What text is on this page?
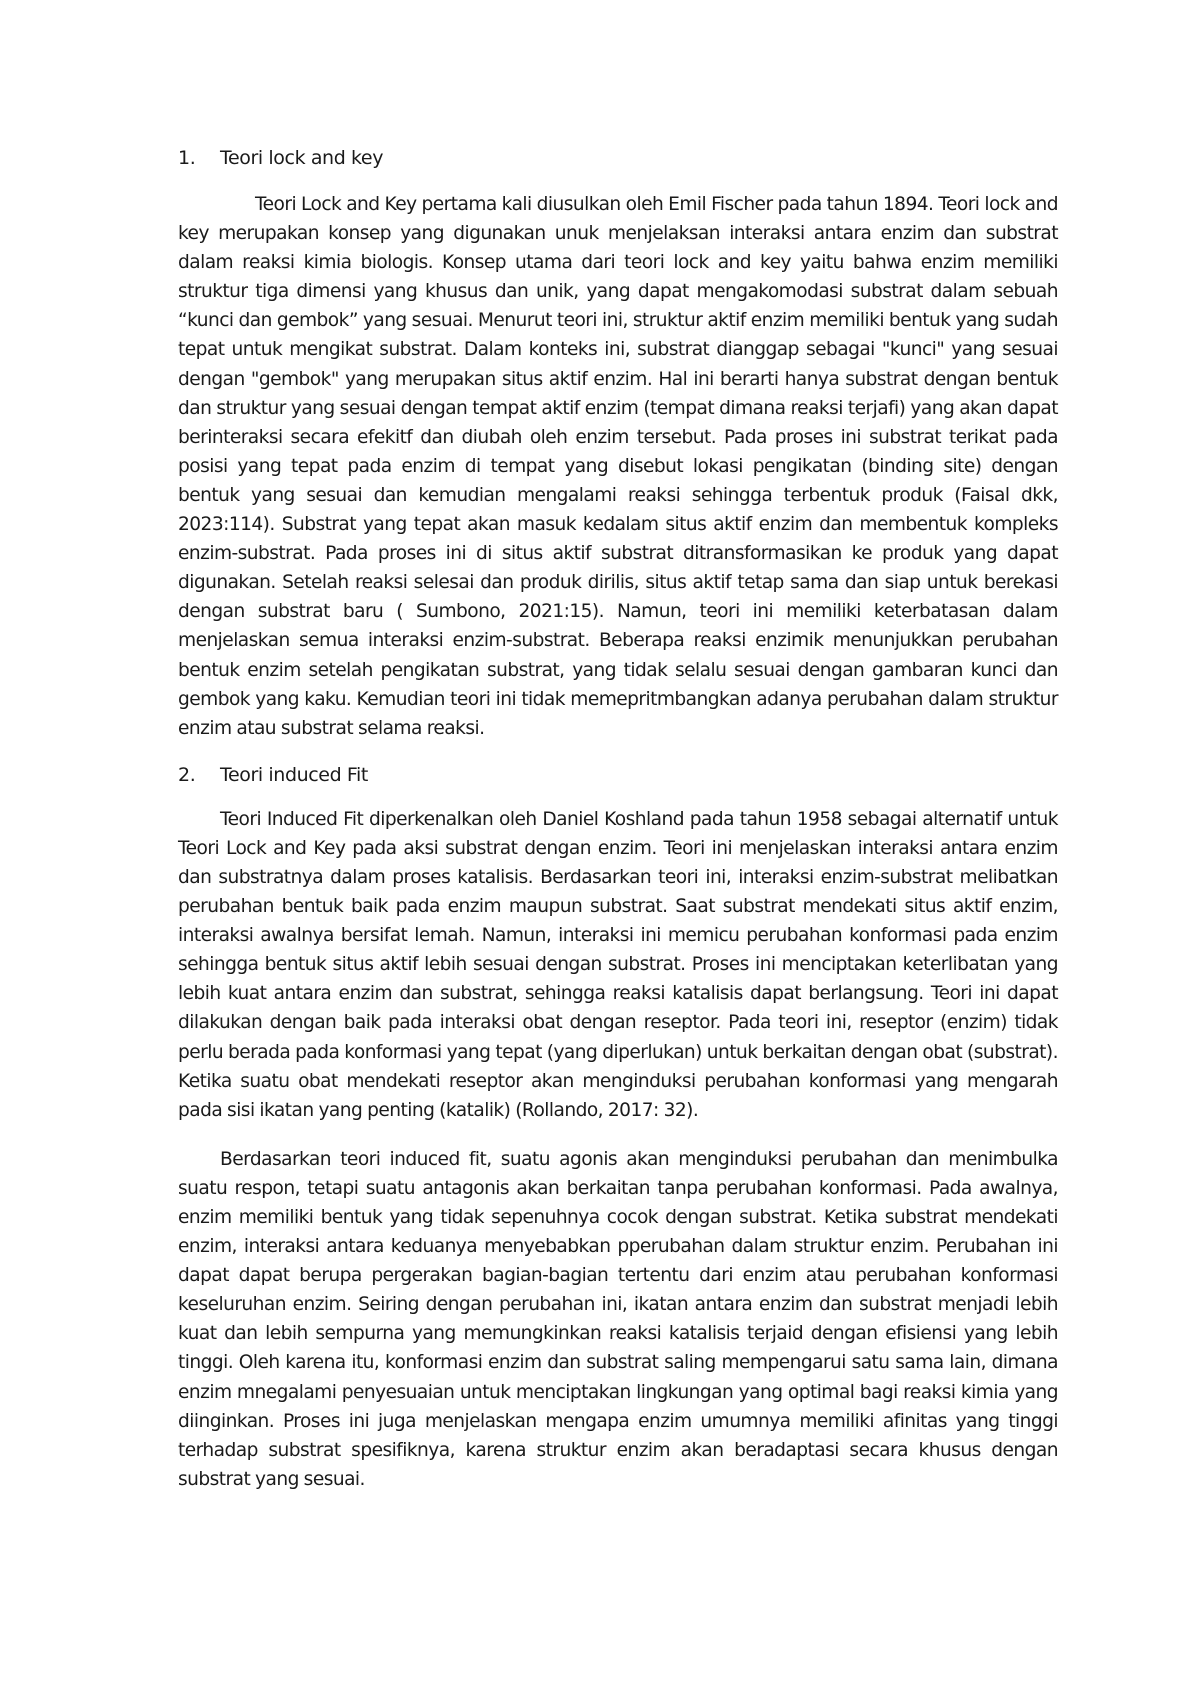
1.	Teori lock and key

Teori Lock and Key pertama kali diusulkan oleh Emil Fischer pada tahun 1894. Teori lock and key merupakan konsep yang digunakan unuk menjelaksan interaksi antara enzim dan substrat dalam reaksi kimia biologis. Konsep utama dari teori lock and key yaitu bahwa enzim memiliki struktur tiga dimensi yang khusus dan unik, yang dapat mengakomodasi substrat dalam sebuah “kunci dan gembok” yang sesuai. Menurut teori ini, struktur aktif enzim memiliki bentuk yang sudah tepat untuk mengikat substrat. Dalam konteks ini, substrat dianggap sebagai "kunci" yang sesuai dengan "gembok" yang merupakan situs aktif enzim. Hal ini berarti hanya substrat dengan bentuk dan struktur yang sesuai dengan tempat aktif enzim (tempat dimana reaksi terjafi) yang akan dapat berinteraksi secara efekitf dan diubah oleh enzim tersebut. Pada proses ini substrat terikat pada posisi yang tepat pada enzim di tempat yang disebut lokasi pengikatan (binding site) dengan bentuk yang sesuai dan kemudian mengalami reaksi sehingga terbentuk produk (Faisal dkk, 2023:114). Substrat yang tepat akan masuk kedalam situs aktif enzim dan membentuk kompleks enzim-substrat. Pada proses ini di situs aktif substrat ditransformasikan ke produk yang dapat digunakan. Setelah reaksi selesai dan produk dirilis, situs aktif tetap sama dan siap untuk berekasi dengan substrat baru ( Sumbono, 2021:15). Namun, teori ini memiliki keterbatasan dalam menjelaskan semua interaksi enzim-substrat. Beberapa reaksi enzimik menunjukkan perubahan bentuk enzim setelah pengikatan substrat, yang tidak selalu sesuai dengan gambaran kunci dan gembok yang kaku. Kemudian teori ini tidak memepritmbangkan adanya perubahan dalam struktur enzim atau substrat selama reaksi.

2.	Teori induced Fit

Teori Induced Fit diperkenalkan oleh Daniel Koshland pada tahun 1958 sebagai alternatif untuk Teori Lock and Key pada aksi substrat dengan enzim. Teori ini menjelaskan interaksi antara enzim dan substratnya dalam proses katalisis. Berdasarkan teori ini, interaksi enzim-substrat melibatkan perubahan bentuk baik pada enzim maupun substrat. Saat substrat mendekati situs aktif enzim, interaksi awalnya bersifat lemah. Namun, interaksi ini memicu perubahan konformasi pada enzim sehingga bentuk situs aktif lebih sesuai dengan substrat. Proses ini menciptakan keterlibatan yang lebih kuat antara enzim dan substrat, sehingga reaksi katalisis dapat berlangsung. Teori ini dapat dilakukan dengan baik pada interaksi obat dengan reseptor. Pada teori ini, reseptor (enzim) tidak perlu berada pada konformasi yang tepat (yang diperlukan) untuk berkaitan dengan obat (substrat). Ketika suatu obat mendekati reseptor akan menginduksi perubahan konformasi yang mengarah pada sisi ikatan yang penting (katalik) (Rollando, 2017: 32).

Berdasarkan teori induced fit, suatu agonis akan menginduksi perubahan dan menimbulka suatu respon, tetapi suatu antagonis akan berkaitan tanpa perubahan konformasi. Pada awalnya, enzim memiliki bentuk yang tidak sepenuhnya cocok dengan substrat. Ketika substrat mendekati enzim, interaksi antara keduanya menyebabkan pperubahan dalam struktur enzim. Perubahan ini dapat dapat berupa pergerakan bagian-bagian tertentu dari enzim atau perubahan konformasi keseluruhan enzim. Seiring dengan perubahan ini, ikatan antara enzim dan substrat menjadi lebih kuat dan lebih sempurna yang memungkinkan reaksi katalisis terjaid dengan efisiensi yang lebih tinggi. Oleh karena itu, konformasi enzim dan substrat saling mempengarui satu sama lain, dimana enzim mnegalami penyesuaian untuk menciptakan lingkungan yang optimal bagi reaksi kimia yang diinginkan. Proses ini juga menjelaskan mengapa enzim umumnya memiliki afinitas yang tinggi terhadap substrat spesifiknya, karena struktur enzim akan beradaptasi secara khusus dengan substrat yang sesuai.
